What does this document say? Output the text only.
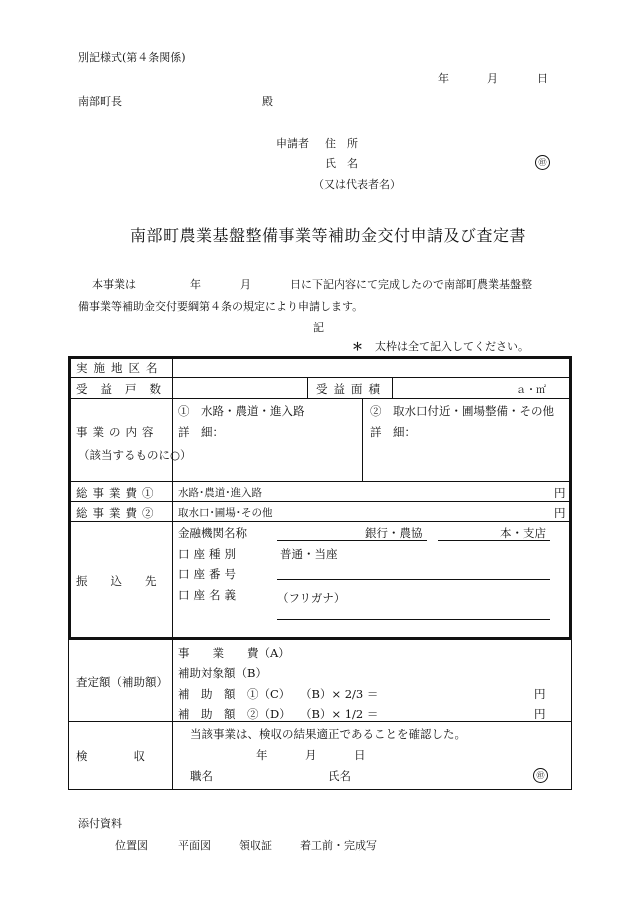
別記様式(第４条関係)
年	月	日
南部町長	殿
申請者 住　所
氏　名	㊞
（又は代表者名）
南部町農業基盤整備事業等補助金交付申請及び査定書
本事業は	年	月	日に下記内容にて完成したので南部町農業基盤整
備事業等補助金交付要綱第４条の規定により申請します。
記
＊ 太枠は全て記入してください。
実施地区名
受益戸数	受益面積	ａ・㎡
事業の内容
（該当するものに○）
①　水路・農道・進入路	②　取水口付近・圃場整備・その他
詳　細：	詳　細：
総事業費① 水路･農道･進入路	円
総事業費② 取水口･圃場･その他	円
振　　込　　先
金融機関名称	銀行・農協	本・支店
口座種別	普通・当座
口座番号
口座名義	（フリガナ）
査定額（補助額）
事　　業　　費（A）
補助対象額（B）
補　助　額　①（C） （B）× 2/3 ＝	円
補　助　額　②（D） （B）× 1/2 ＝	円
検　　　　収
当該事業は、検収の結果適正であることを確認した。
年	月	日
職名	氏名	㊞
添付資料
位置図	平面図	領収証	着工前・完成写
